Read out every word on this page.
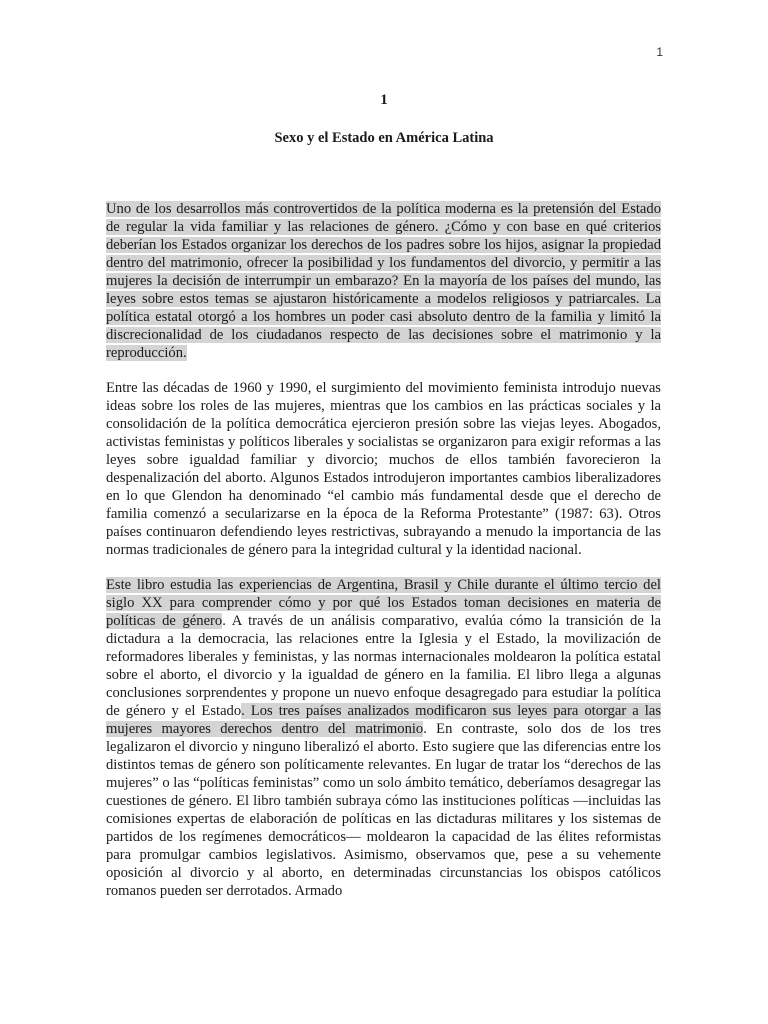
1
1
Sexo y el Estado en América Latina

Uno de los desarrollos más controvertidos de la política moderna es la pretensión del Estado de regular la vida familiar y las relaciones de género. ¿Cómo y con base en qué criterios deberían los Estados organizar los derechos de los padres sobre los hijos, asignar la propiedad dentro del matrimonio, ofrecer la posibilidad y los fundamentos del divorcio, y permitir a las mujeres la decisión de interrumpir un embarazo? En la mayoría de los países del mundo, las leyes sobre estos temas se ajustaron históricamente a modelos religiosos y patriarcales. La política estatal otorgó a los hombres un poder casi absoluto dentro de la familia y limitó la discrecionalidad de los ciudadanos respecto de las decisiones sobre el matrimonio y la reproducción.

Entre las décadas de 1960 y 1990, el surgimiento del movimiento feminista introdujo nuevas ideas sobre los roles de las mujeres, mientras que los cambios en las prácticas sociales y la consolidación de la política democrática ejercieron presión sobre las viejas leyes. Abogados, activistas feministas y políticos liberales y socialistas se organizaron para exigir reformas a las leyes sobre igualdad familiar y divorcio; muchos de ellos también favorecieron la despenalización del aborto. Algunos Estados introdujeron importantes cambios liberalizadores en lo que Glendon ha denominado “el cambio más fundamental desde que el derecho de familia comenzó a secularizarse en la época de la Reforma Protestante” (1987: 63). Otros países continuaron defendiendo leyes restrictivas, subrayando a menudo la importancia de las normas tradicionales de género para la integridad cultural y la identidad nacional.

Este libro estudia las experiencias de Argentina, Brasil y Chile durante el último tercio del siglo XX para comprender cómo y por qué los Estados toman decisiones en materia de políticas de género. A través de un análisis comparativo, evalúa cómo la transición de la dictadura a la democracia, las relaciones entre la Iglesia y el Estado, la movilización de reformadores liberales y feministas, y las normas internacionales moldearon la política estatal sobre el aborto, el divorcio y la igualdad de género en la familia. El libro llega a algunas conclusiones sorprendentes y propone un nuevo enfoque desagregado para estudiar la política de género y el Estado. Los tres países analizados modificaron sus leyes para otorgar a las mujeres mayores derechos dentro del matrimonio. En contraste, solo dos de los tres legalizaron el divorcio y ninguno liberalizó el aborto. Esto sugiere que las diferencias entre los distintos temas de género son políticamente relevantes. En lugar de tratar los “derechos de las mujeres” o las “políticas feministas” como un solo ámbito temático, deberíamos desagregar las cuestiones de género. El libro también subraya cómo las instituciones políticas —incluidas las comisiones expertas de elaboración de políticas en las dictaduras militares y los sistemas de partidos de los regímenes democráticos— moldearon la capacidad de las élites reformistas para promulgar cambios legislativos. Asimismo, observamos que, pese a su vehemente oposición al divorcio y al aborto, en determinadas circunstancias los obispos católicos romanos pueden ser derrotados. Armado
